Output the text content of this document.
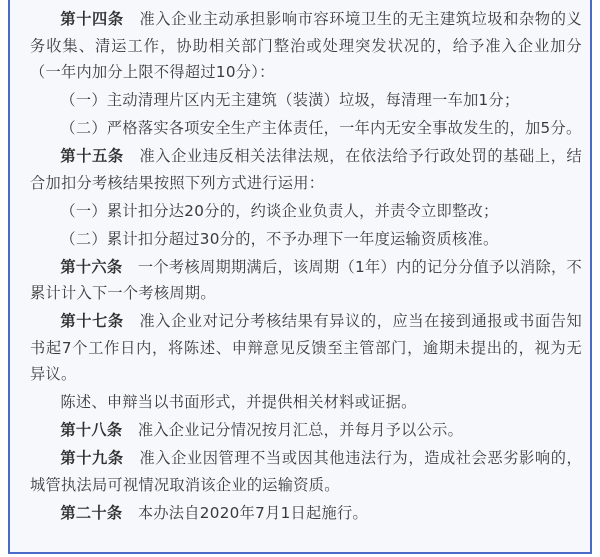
第十四条　准入企业主动承担影响市容环境卫生的无主建筑垃圾和杂物的义务收集、清运工作，协助相关部门整治或处理突发状况的，给予准入企业加分（一年内加分上限不得超过10分）：

（一）主动清理片区内无主建筑（装潢）垃圾，每清理一车加1分；

（二）严格落实各项安全生产主体责任，一年内无安全事故发生的，加5分。

第十五条　准入企业违反相关法律法规，在依法给予行政处罚的基础上，结合加扣分考核结果按照下列方式进行运用：

（一）累计扣分达20分的，约谈企业负责人，并责令立即整改；

（二）累计扣分超过30分的，不予办理下一年度运输资质核准。

第十六条　一个考核周期期满后，该周期（1年）内的记分分值予以消除，不累计计入下一个考核周期。

第十七条　准入企业对记分考核结果有异议的，应当在接到通报或书面告知书起7个工作日内，将陈述、申辩意见反馈至主管部门，逾期未提出的，视为无异议。

陈述、申辩当以书面形式，并提供相关材料或证据。

第十八条　准入企业记分情况按月汇总，并每月予以公示。

第十九条　准入企业因管理不当或因其他违法行为，造成社会恶劣影响的，城管执法局可视情况取消该企业的运输资质。

第二十条　本办法自2020年7月1日起施行。
